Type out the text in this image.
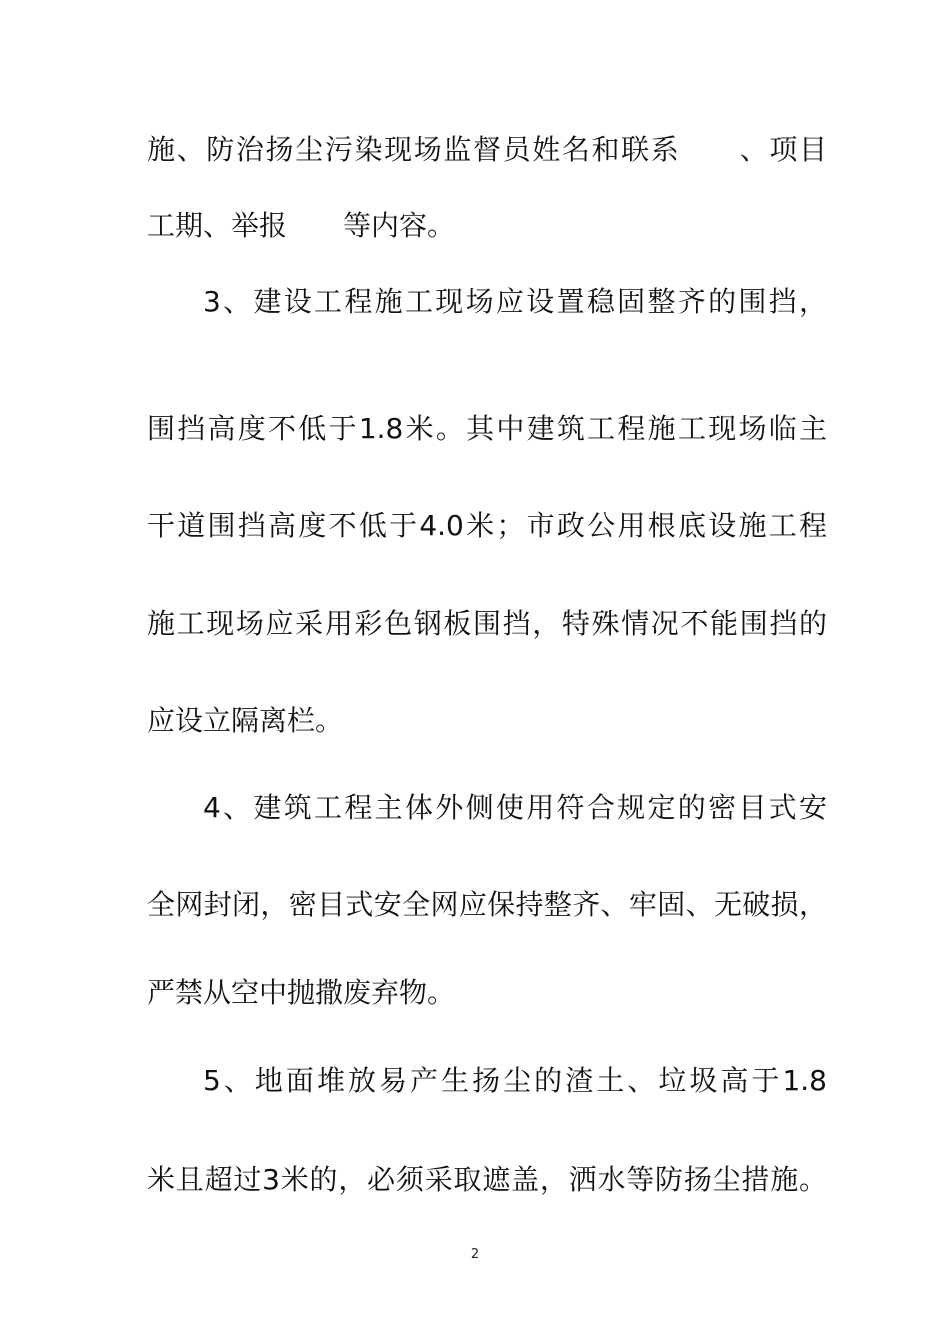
施、防治扬尘污染现场监督员姓名和联系　　、项目
工期、举报　　等内容。
3、建设工程施工现场应设置稳固整齐的围挡，
围挡高度不低于1.8米。其中建筑工程施工现场临主
干道围挡高度不低于4.0米；市政公用根底设施工程
施工现场应采用彩色钢板围挡，特殊情况不能围挡的
应设立隔离栏。
4、建筑工程主体外侧使用符合规定的密目式安
全网封闭，密目式安全网应保持整齐、牢固、无破损，
严禁从空中抛撒废弃物。
5、地面堆放易产生扬尘的渣土、垃圾高于1.8
米且超过3米的，必须采取遮盖，洒水等防扬尘措施。
2
